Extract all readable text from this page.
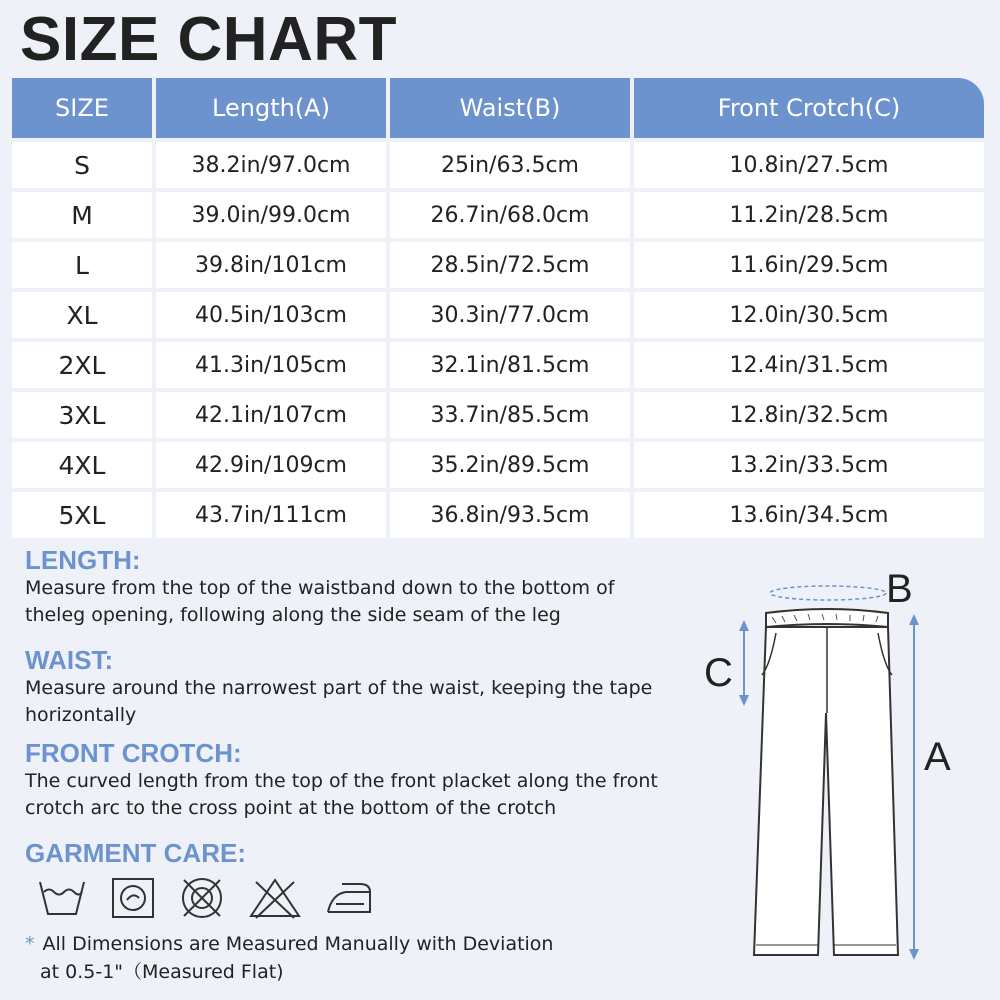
SIZE CHART
SIZE	Length(A)	Waist(B)	Front Crotch(C)
S	38.2in/97.0cm	25in/63.5cm	10.8in/27.5cm
M	39.0in/99.0cm	26.7in/68.0cm	11.2in/28.5cm
L	39.8in/101cm	28.5in/72.5cm	11.6in/29.5cm
XL	40.5in/103cm	30.3in/77.0cm	12.0in/30.5cm
2XL	41.3in/105cm	32.1in/81.5cm	12.4in/31.5cm
3XL	42.1in/107cm	33.7in/85.5cm	12.8in/32.5cm
4XL	42.9in/109cm	35.2in/89.5cm	13.2in/33.5cm
5XL	43.7in/111cm	36.8in/93.5cm	13.6in/34.5cm
LENGTH:

Measure from the top of the waistband down to the bottom of theleg opening, following along the side seam of the leg

WAIST:

Measure around the narrowest part of the waist, keeping the tape horizontally

FRONT CROTCH:

The curved length from the top of the front placket along the front crotch arc to the cross point at the bottom of the crotch

GARMENT CARE:
* All Dimensions are Measured Manually with Deviation
at 0.5-1"（Measured Flat)
B
C
A
